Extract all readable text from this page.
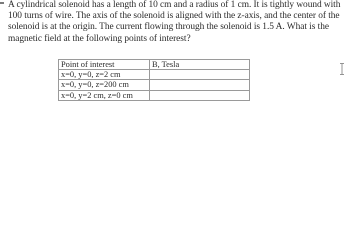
A cylindrical solenoid has a length of 10 cm and a radius of 1 cm. It is tightly wound with
100 turns of wire. The axis of the solenoid is aligned with the z-axis, and the center of the
solenoid is at the origin. The current flowing through the solenoid is 1.5 A. What is the
magnetic field at the following points of interest?

Point of interest	B, Tesla
x=0, y=0, z=2 cm	
x=0, y=0, z=200 cm	
x=0, y=2 cm, z=0 cm	
